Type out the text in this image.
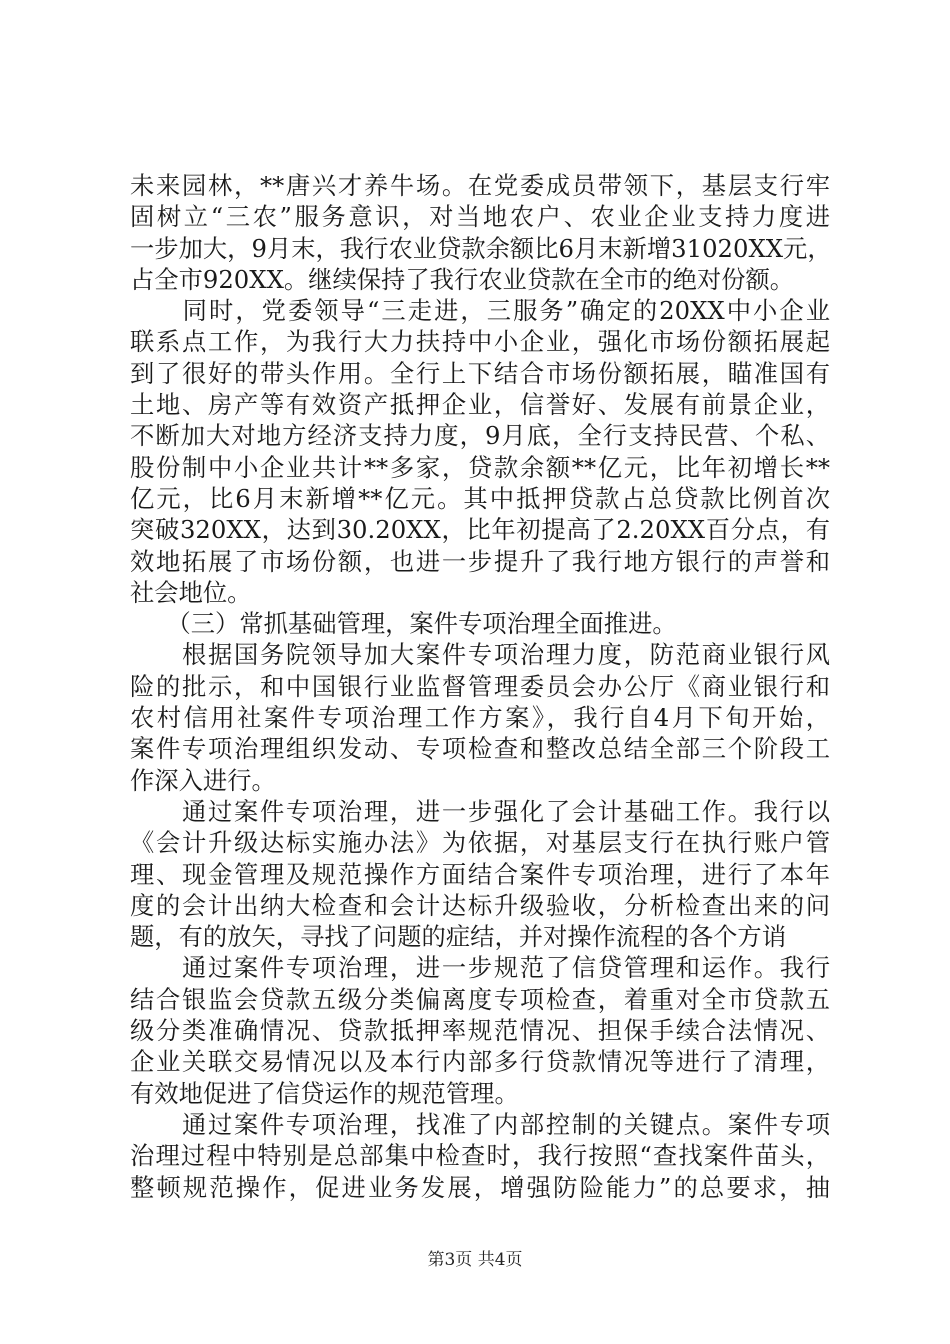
未来园林，**唐兴才养牛场。在党委成员带领下，基层支行牢
固树立“三农”服务意识，对当地农户、农业企业支持力度进
一步加大，9月末，我行农业贷款余额比6月末新增31020XX元，
占全市920XX。继续保持了我行农业贷款在全市的绝对份额。
　　同时，党委领导“三走进，三服务”确定的20XX中小企业
联系点工作，为我行大力扶持中小企业，强化市场份额拓展起
到了很好的带头作用。全行上下结合市场份额拓展，瞄准国有
土地、房产等有效资产抵押企业，信誉好、发展有前景企业，
不断加大对地方经济支持力度，9月底，全行支持民营、个私、
股份制中小企业共计**多家，贷款余额**亿元，比年初增长**
亿元，比6月末新增**亿元。其中抵押贷款占总贷款比例首次
突破320XX，达到30.20XX，比年初提高了2.20XX百分点，有
效地拓展了市场份额，也进一步提升了我行地方银行的声誉和
社会地位。
　　（三）常抓基础管理，案件专项治理全面推进。
　　根据国务院领导加大案件专项治理力度，防范商业银行风
险的批示，和中国银行业监督管理委员会办公厅《商业银行和
农村信用社案件专项治理工作方案》，我行自4月下旬开始，
案件专项治理组织发动、专项检查和整改总结全部三个阶段工
作深入进行。
　　通过案件专项治理，进一步强化了会计基础工作。我行以
《会计升级达标实施办法》为依据，对基层支行在执行账户管
理、现金管理及规范操作方面结合案件专项治理，进行了本年
度的会计出纳大检查和会计达标升级验收，分析检查出来的问
题，有的放矢，寻找了问题的症结，并对操作流程的各个方诮
　　通过案件专项治理，进一步规范了信贷管理和运作。我行
结合银监会贷款五级分类偏离度专项检查，着重对全市贷款五
级分类准确情况、贷款抵押率规范情况、担保手续合法情况、
企业关联交易情况以及本行内部多行贷款情况等进行了清理，
有效地促进了信贷运作的规范管理。
　　通过案件专项治理，找准了内部控制的关键点。案件专项
治理过程中特别是总部集中检查时，我行按照“查找案件苗头，
整顿规范操作，促进业务发展，增强防险能力”的总要求，抽
第3页 共4页
